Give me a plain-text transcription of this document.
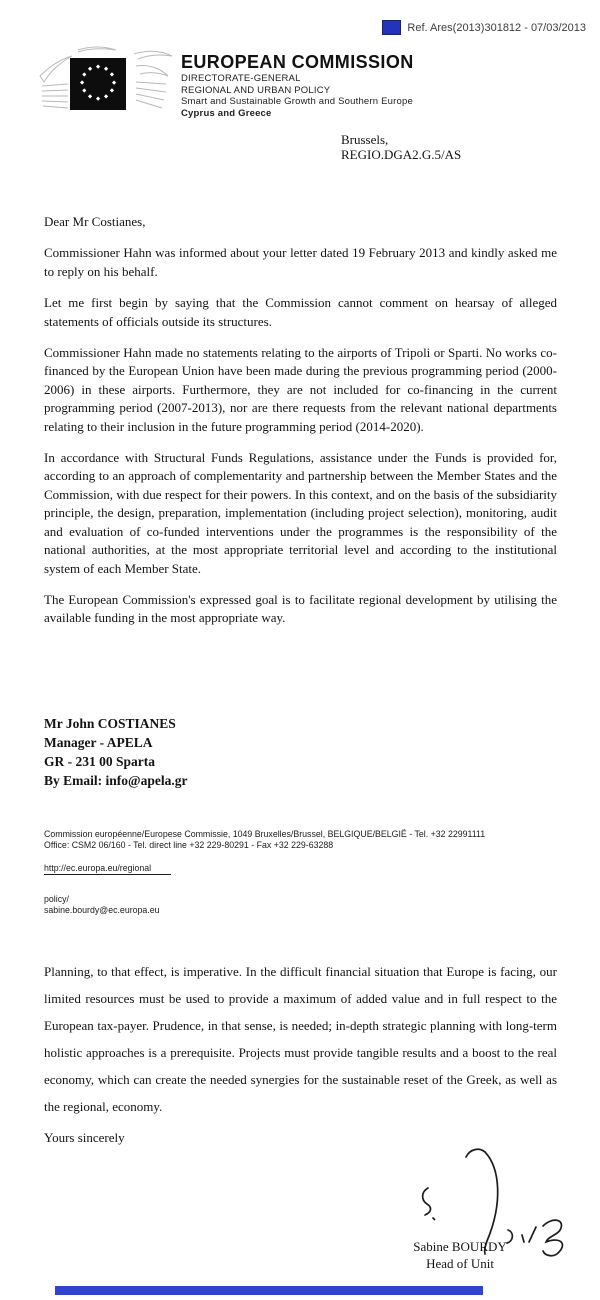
Ref. Ares(2013)301812 - 07/03/2013
EUROPEAN COMMISSION
DIRECTORATE-GENERAL
REGIONAL AND URBAN POLICY
Smart and Sustainable Growth and Southern Europe
Cyprus and Greece
Brussels,
REGIO.DGA2.G.5/AS

Dear Mr Costianes,

Commissioner Hahn was informed about your letter dated 19 February 2013 and kindly asked me to reply on his behalf.

Let me first begin by saying that the Commission cannot comment on hearsay of alleged statements of officials outside its structures.

Commissioner Hahn made no statements relating to the airports of Tripoli or Sparti. No works co-financed by the European Union have been made during the previous programming period (2000-2006) in these airports. Furthermore, they are not included for co-financing in the current programming period (2007-2013), nor are there requests from the relevant national departments relating to their inclusion in the future programming period (2014-2020).

In accordance with Structural Funds Regulations, assistance under the Funds is provided for, according to an approach of complementarity and partnership between the Member States and the Commission, with due respect for their powers. In this context, and on the basis of the subsidiarity principle, the design, preparation, implementation (including project selection), monitoring, audit and evaluation of co-funded interventions under the programmes is the responsibility of the national authorities, at the most appropriate territorial level and according to the institutional system of each Member State.

The European Commission's expressed goal is to facilitate regional development by utilising the available funding in the most appropriate way.

Mr John COSTIANES
Manager - APELA
GR - 231 00 Sparta
By Email: info@apela.gr
Commission européenne/Europese Commissie, 1049 Bruxelles/Brussel, BELGIQUE/BELGIË - Tel. +32 22991111
Office: CSM2 06/160 - Tel. direct line +32 229-80291 - Fax +32 229-63288
http://ec.europa.eu/regional
policy/
sabine.bourdy@ec.europa.eu
Planning, to that effect, is imperative. In the difficult financial situation that Europe is facing, our limited resources must be used to provide a maximum of added value and in full respect to the European tax-payer. Prudence, in that sense, is needed; in-depth strategic planning with long-term holistic approaches is a prerequisite. Projects must provide tangible results and a boost to the real economy, which can create the needed synergies for the sustainable reset of the Greek, as well as the regional, economy.
Yours sincerely
Sabine BOURDY
Head of Unit
